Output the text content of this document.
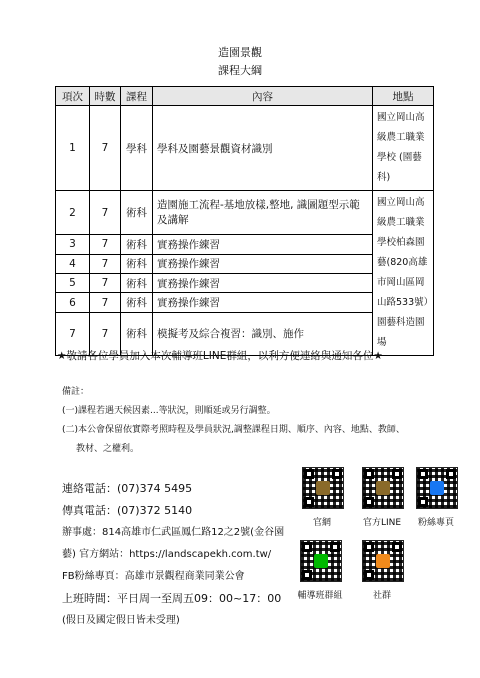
造園景觀
課程大綱
項次	時數	課程	內容	地點
1	7	學科	學科及園藝景觀資材識別	國立岡山高級農工職業學校 (園藝科)
2	7	術科	造園施工流程-基地放樣,整地, 識圖題型示範及講解	國立岡山高級農工職業學校柏森園藝(820高雄市岡山區岡山路533號）園藝科造園場
3	7	術科	實務操作練習	
4	7	術科	實務操作練習	
5	7	術科	實務操作練習	
6	7	術科	實務操作練習	
7	7	術科	模擬考及綜合複習：識別、施作	
★敬請各位學員加入本次輔導班LINE群組，以利方便連絡與通知各位★
備註：
(一)課程若遇天候因素...等狀況，則順延或另行調整。
(二)本公會保留依實際考照時程及學員狀況,調整課程日期、順序、內容、地點、教師、
教材、之權利。
連絡電話：(07)374 5495
傳真電話：(07)372 5140
辦事處：814高雄市仁武區鳳仁路12之2號(金谷園
藝) 官方網站：https://landscapekh.com.tw/
FB粉絲專頁：高雄市景觀程商業同業公會
上班時間：平日周一至周五09：00~17：00
(假日及國定假日皆未受理)
官網	官方LINE	粉絲專頁
輔導班群組	社群
